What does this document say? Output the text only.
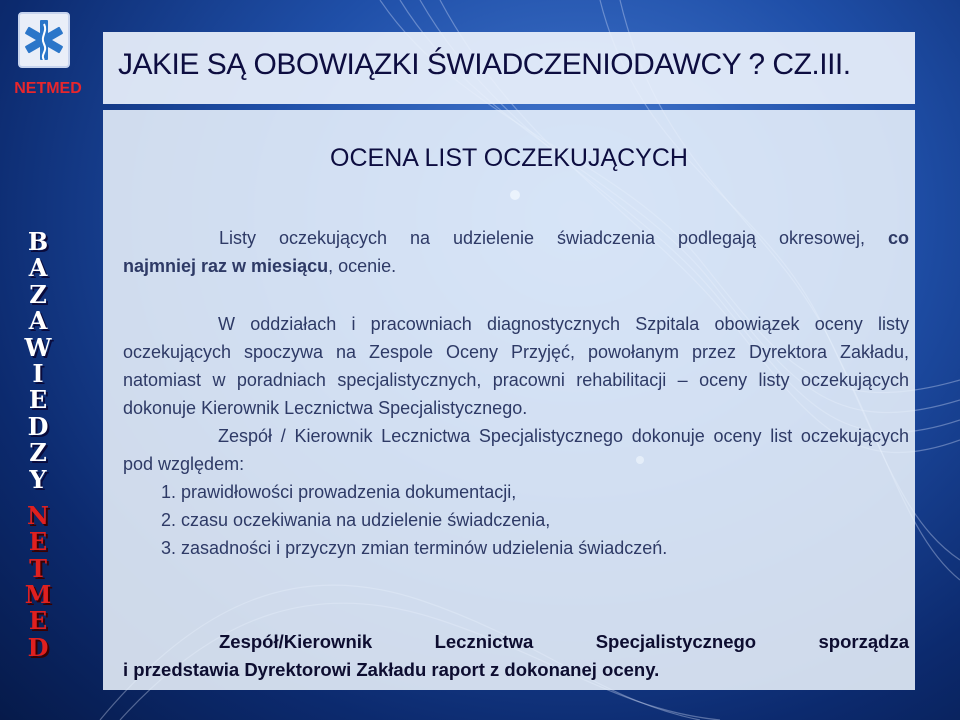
NETMED
B
A
Z
A
W
I
E
D
Z
Y
N
E
T
M
E
D
JAKIE SĄ OBOWIĄZKI ŚWIADCZENIODAWCY ? CZ.III.
OCENA LIST OCZEKUJĄCYCH
Listy oczekujących na udzielenie świadczenia podlegają okresowej, co
najmniej raz w miesiącu, ocenie.
W oddziałach i pracowniach diagnostycznych Szpitala obowiązek oceny listy oczekujących spoczywa na Zespole Oceny Przyjęć, powołanym przez Dyrektora Zakładu, natomiast w poradniach specjalistycznych, pracowni rehabilitacji – oceny listy oczekujących dokonuje Kierownik Lecznictwa Specjalistycznego.
Zespół / Kierownik Lecznictwa Specjalistycznego dokonuje oceny list oczekujących pod względem:
1. prawidłowości prowadzenia dokumentacji,
2. czasu oczekiwania na udzielenie świadczenia,
3. zasadności i przyczyn zmian terminów udzielenia świadczeń.
Zespół/Kierownik Lecznictwa Specjalistycznego sporządza
i przedstawia Dyrektorowi Zakładu raport z dokonanej oceny.
